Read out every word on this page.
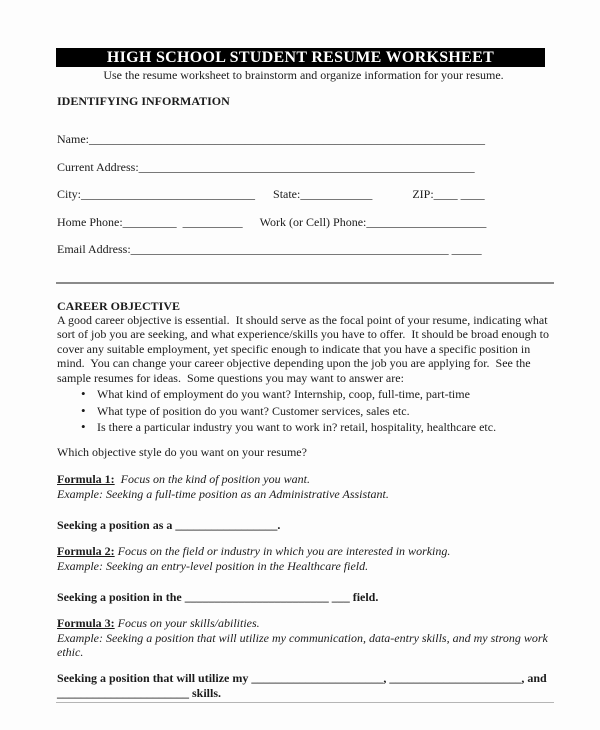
HIGH SCHOOL STUDENT RESUME WORKSHEET
Use the resume worksheet to brainstorm and organize information for your resume.
IDENTIFYING INFORMATION

Name:__________________________________________________________________

Current Address:________________________________________________________

City:_____________________________ State:____________	ZIP:____ ____

Home Phone:_________  __________ Work (or Cell) Phone:____________________

Email Address:_____________________________________________________ _____

CAREER OBJECTIVE
A good career objective is essential.  It should serve as the focal point of your resume, indicating what
sort of job you are seeking, and what experience/skills you have to offer.  It should be broad enough to
cover any suitable employment, yet specific enough to indicate that you have a specific position in
mind.  You can change your career objective depending upon the job you are applying for.  See the
sample resumes for ideas.  Some questions you may want to answer are:
•What kind of employment do you want? Internship, coop, full-time, part-time
•What type of position do you want? Customer services, sales etc.
•Is there a particular industry you want to work in? retail, hospitality, healthcare etc.
Which objective style do you want on your resume?
Formula 1:  Focus on the kind of position you want.
Example: Seeking a full-time position as an Administrative Assistant.
Seeking a position as a _________________.
Formula 2: Focus on the field or industry in which you are interested in working.
Example: Seeking an entry-level position in the Healthcare field.
Seeking a position in the ________________________ ___ field.
Formula 3: Focus on your skills/abilities.
Example: Seeking a position that will utilize my communication, data-entry skills, and my strong work
ethic.
Seeking a position that will utilize my ______________________, ______________________, and
______________________ skills.
